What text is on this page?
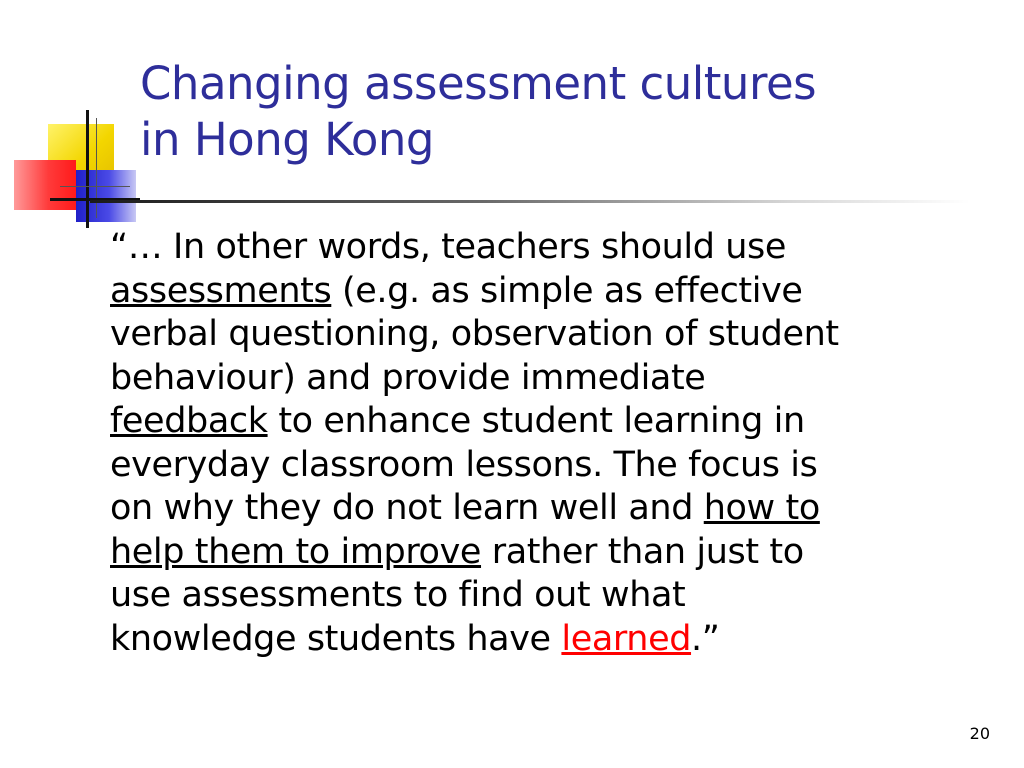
Changing assessment cultures
in Hong Kong
“… In other words, teachers should use
assessments (e.g. as simple as effective
verbal questioning, observation of student
behaviour) and provide immediate
feedback to enhance student learning in
everyday classroom lessons. The focus is
on why they do not learn well and how to
help them to improve rather than just to
use assessments to find out what
knowledge students have learned.”
20
